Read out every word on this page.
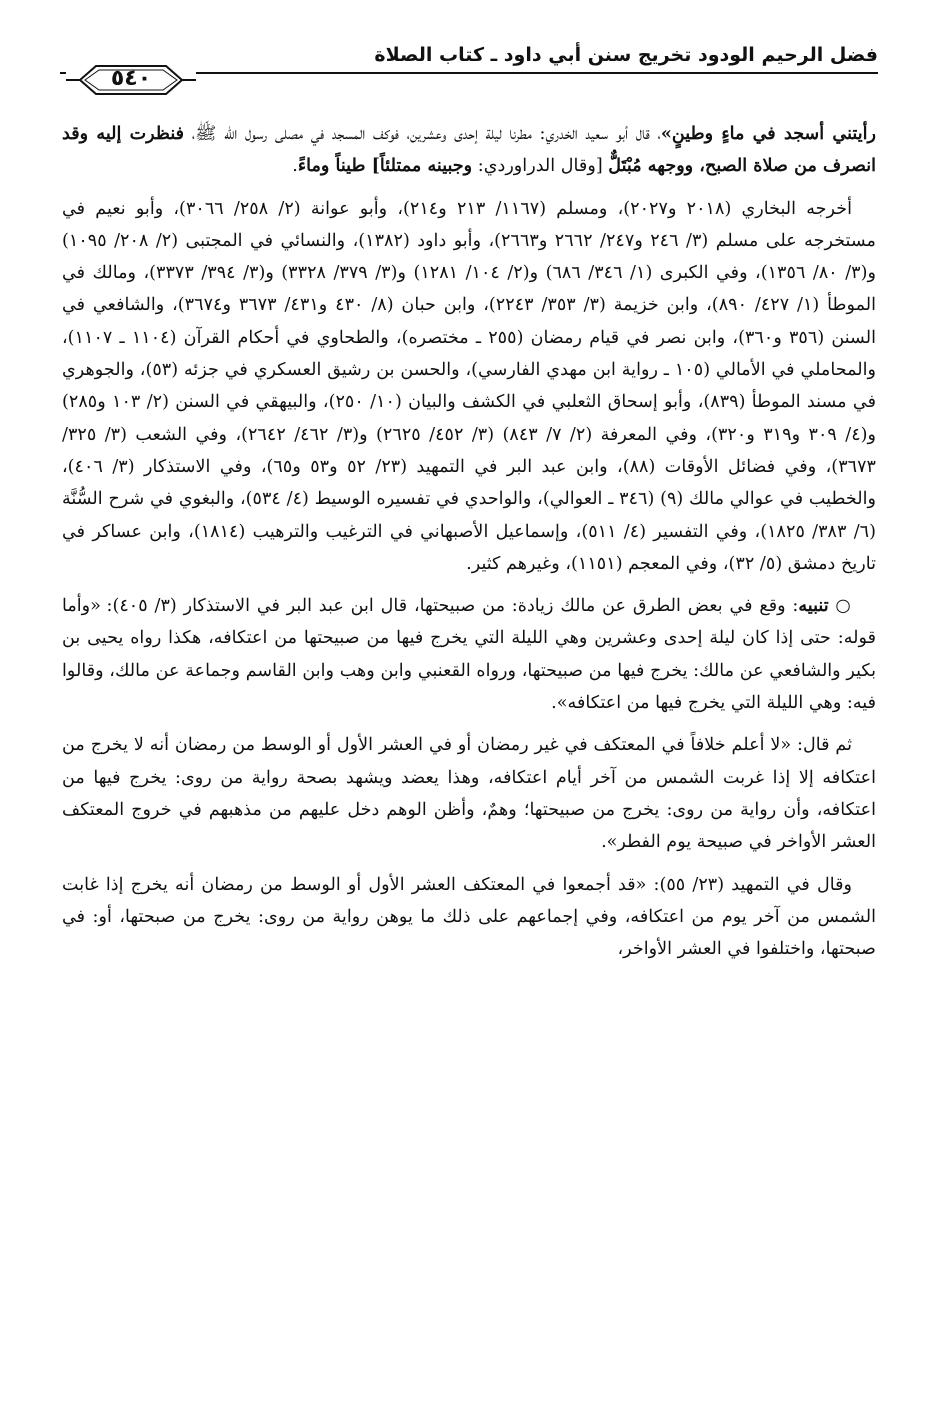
فضل الرحيم الودود تخريج سنن أبي داود ـ كتاب الصلاة
٥٤٠

رأيتني أسجد في ماءٍ وطينٍ»، قال أبو سعيد الخدري: مطرنا ليلة إحدى وعشرين، فوكف المسجد في مصلى رسول الله ﷺ، فنظرت إليه وقد انصرف من صلاة الصبح، ووجهه مُبْتَلٌّ [وقال الدراوردي: وجبينه ممتلئاً] طيناً وماءً.

أخرجه البخاري (٢٠١٨ و٢٠٢٧)، ومسلم (١١٦٧/ ٢١٣ و٢١٤)، وأبو عوانة (٢/ ٢٥٨/ ٣٠٦٦)، وأبو نعيم في مستخرجه على مسلم (٣/ ٢٤٦ و٢٤٧/ ٢٦٦٢ و٢٦٦٣)، وأبو داود (١٣٨٢)، والنسائي في المجتبى (٢/ ٢٠٨/ ١٠٩٥) و(٣/ ٨٠/ ١٣٥٦)، وفي الكبرى (١/ ٣٤٦/ ٦٨٦) و(٢/ ١٠٤/ ١٢٨١) و(٣/ ٣٧٩/ ٣٣٢٨) و(٣/ ٣٩٤/ ٣٣٧٣)، ومالك في الموطأ (١/ ٤٢٧/ ٨٩٠)، وابن خزيمة (٣/ ٣٥٣/ ٢٢٤٣)، وابن حبان (٨/ ٤٣٠ و٤٣١/ ٣٦٧٣ و٣٦٧٤)، والشافعي في السنن (٣٥٦ و٣٦٠)، وابن نصر في قيام رمضان (٢٥٥ ـ مختصره)، والطحاوي في أحكام القرآن (١١٠٤ ـ ١١٠٧)، والمحاملي في الأمالي (١٠٥ ـ رواية ابن مهدي الفارسي)، والحسن بن رشيق العسكري في جزئه (٥٣)، والجوهري في مسند الموطأ (٨٣٩)، وأبو إسحاق الثعلبي في الكشف والبيان (١٠/ ٢٥٠)، والبيهقي في السنن (٢/ ١٠٣ و٢٨٥) و(٤/ ٣٠٩ و٣١٩ و٣٢٠)، وفي المعرفة (٢/ ٧/ ٨٤٣) (٣/ ٤٥٢/ ٢٦٢٥) و(٣/ ٤٦٢/ ٢٦٤٢)، وفي الشعب (٣/ ٣٢٥/ ٣٦٧٣)، وفي فضائل الأوقات (٨٨)، وابن عبد البر في التمهيد (٢٣/ ٥٢ و٥٣ و٦٥)، وفي الاستذكار (٣/ ٤٠٦)، والخطيب في عوالي مالك (٩) (٣٤٦ ـ العوالي)، والواحدي في تفسيره الوسيط (٤/ ٥٣٤)، والبغوي في شرح السُّنَّة (٦/ ٣٨٣/ ١٨٢٥)، وفي التفسير (٤/ ٥١١)، وإسماعيل الأصبهاني في الترغيب والترهيب (١٨١٤)، وابن عساكر في تاريخ دمشق (٥/ ٣٢)، وفي المعجم (١١٥١)، وغيرهم كثير.

○ تنبيه: وقع في بعض الطرق عن مالك زيادة: من صبيحتها، قال ابن عبد البر في الاستذكار (٣/ ٤٠٥): «وأما قوله: حتى إذا كان ليلة إحدى وعشرين وهي الليلة التي يخرج فيها من صبيحتها من اعتكافه، هكذا رواه يحيى بن بكير والشافعي عن مالك: يخرج فيها من صبيحتها، ورواه القعنبي وابن وهب وابن القاسم وجماعة عن مالك، وقالوا فيه: وهي الليلة التي يخرج فيها من اعتكافه».

ثم قال: «لا أعلم خلافاً في المعتكف في غير رمضان أو في العشر الأول أو الوسط من رمضان أنه لا يخرج من اعتكافه إلا إذا غربت الشمس من آخر أيام اعتكافه، وهذا يعضد ويشهد بصحة رواية من روى: يخرج فيها من اعتكافه، وأن رواية من روى: يخرج من صبيحتها؛ وهمٌ، وأظن الوهم دخل عليهم من مذهبهم في خروج المعتكف العشر الأواخر في صبيحة يوم الفطر».

وقال في التمهيد (٢٣/ ٥٥): «قد أجمعوا في المعتكف العشر الأول أو الوسط من رمضان أنه يخرج إذا غابت الشمس من آخر يوم من اعتكافه، وفي إجماعهم على ذلك ما يوهن رواية من روى: يخرج من صبحتها، أو: في صبحتها، واختلفوا في العشر الأواخر،
